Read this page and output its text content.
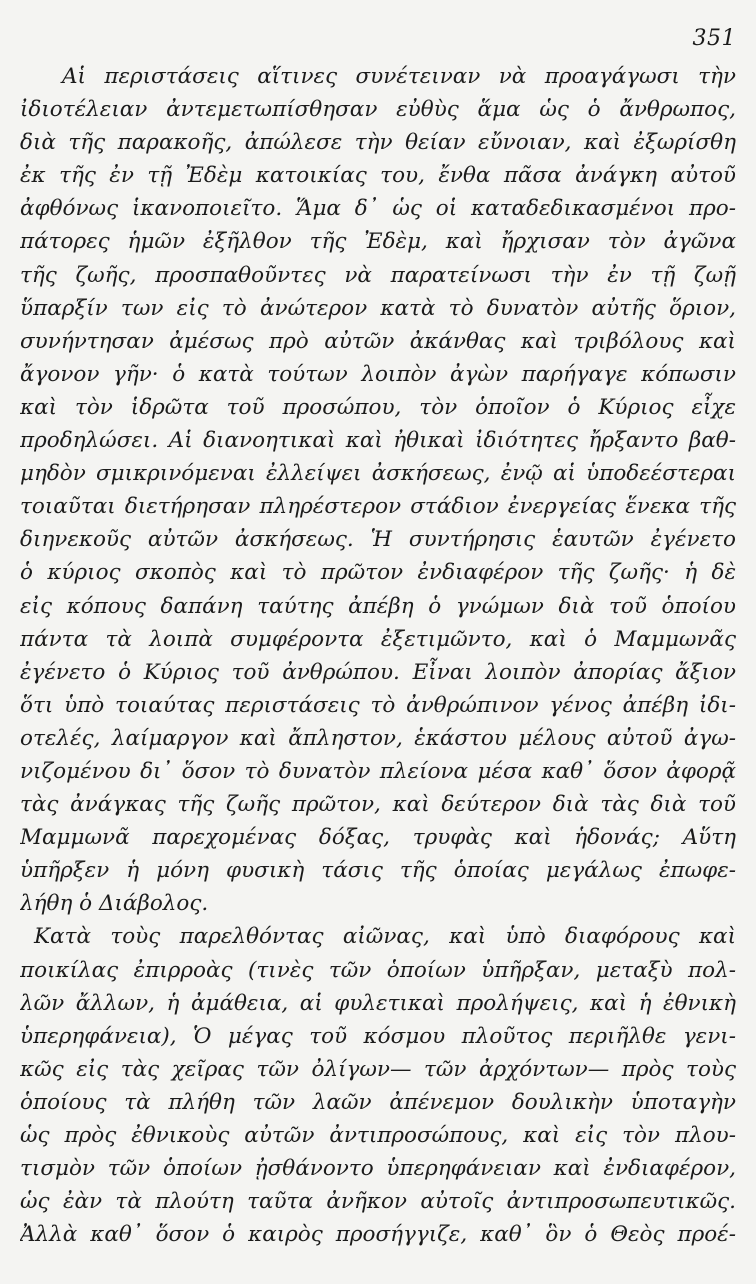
351
Αἱ περιστάσεις αἵτινες συνέτειναν νὰ προαγάγωσι τὴν
ἰδιοτέλειαν ἀντεμετωπίσθησαν εὐθὺς ἅμα ὡς ὁ ἄνθρωπος,
διὰ τῆς παρακοῆς, ἀπώλεσε τὴν θείαν εὔνοιαν, καὶ ἐξωρίσθη
ἐκ τῆς ἐν τῇ Ἐδὲμ κατοικίας του, ἔνθα πᾶσα ἀνάγκη αὐτοῦ
ἀφθόνως ἱκανοποιεῖτο. Ἅμα δ᾽ ὡς οἱ καταδεδικασμένοι προ-
πάτορες ἡμῶν ἐξῆλθον τῆς Ἐδὲμ, καὶ ἤρχισαν τὸν ἀγῶνα
τῆς ζωῆς, προσπαθοῦντες νὰ παρατείνωσι τὴν ἐν τῇ ζωῇ
ὕπαρξίν των εἰς τὸ ἀνώτερον κατὰ τὸ δυνατὸν αὐτῆς ὅριον,
συνήντησαν ἀμέσως πρὸ αὐτῶν ἀκάνθας καὶ τριβόλους καὶ
ἄγονον γῆν· ὁ κατὰ τούτων λοιπὸν ἀγὼν παρήγαγε κόπωσιν
καὶ τὸν ἱδρῶτα τοῦ προσώπου, τὸν ὁποῖον ὁ Κύριος εἶχε
προδηλώσει. Αἱ διανοητικαὶ καὶ ἠθικαὶ ἰδιότητες ἤρξαντο βαθ-
μηδὸν σμικρινόμεναι ἐλλείψει ἀσκήσεως, ἐνῷ αἱ ὑποδεέστεραι
τοιαῦται διετήρησαν πληρέστερον στάδιον ἐνεργείας ἕνεκα τῆς
διηνεκοῦς αὐτῶν ἀσκήσεως. Ἡ συντήρησις ἑαυτῶν ἐγένετο
ὁ κύριος σκοπὸς καὶ τὸ πρῶτον ἐνδιαφέρον τῆς ζωῆς· ἡ δὲ
εἰς κόπους δαπάνη ταύτης ἀπέβη ὁ γνώμων διὰ τοῦ ὁποίου
πάντα τὰ λοιπὰ συμφέροντα ἐξετιμῶντο, καὶ ὁ Μαμμωνᾶς
ἐγένετο ὁ Κύριος τοῦ ἀνθρώπου. Εἶναι λοιπὸν ἀπορίας ἄξιον
ὅτι ὑπὸ τοιαύτας περιστάσεις τὸ ἀνθρώπινον γένος ἀπέβη ἰδι-
οτελές, λαίμαργον καὶ ἄπληστον, ἑκάστου μέλους αὐτοῦ ἀγω-
νιζομένου δι᾽ ὅσον τὸ δυνατὸν πλείονα μέσα καθ᾽ ὅσον ἀφορᾷ
τὰς ἀνάγκας τῆς ζωῆς πρῶτον, καὶ δεύτερον διὰ τὰς διὰ τοῦ
Μαμμωνᾶ παρεχομένας δόξας, τρυφὰς καὶ ἡδονάς; Αὕτη
ὑπῆρξεν ἡ μόνη φυσικὴ τάσις τῆς ὁποίας μεγάλως ἐπωφε-
λήθη ὁ Διάβολος.
Κατὰ τοὺς παρελθόντας αἰῶνας, καὶ ὑπὸ διαφόρους καὶ
ποικίλας ἐπιρροὰς (τινὲς τῶν ὁποίων ὑπῆρξαν, μεταξὺ πολ-
λῶν ἄλλων, ἡ ἀμάθεια, αἱ φυλετικαὶ προλήψεις, καὶ ἡ ἐθνικὴ
ὑπερηφάνεια), Ὁ μέγας τοῦ κόσμου πλοῦτος περιῆλθε γενι-
κῶς εἰς τὰς χεῖρας τῶν ὀλίγων— τῶν ἀρχόντων— πρὸς τοὺς
ὁποίους τὰ πλήθη τῶν λαῶν ἀπένεμον δουλικὴν ὑποταγὴν
ὡς πρὸς ἐθνικοὺς αὐτῶν ἀντιπροσώπους, καὶ εἰς τὸν πλου-
τισμὸν τῶν ὁποίων ᾐσθάνοντο ὑπερηφάνειαν καὶ ἐνδιαφέρον,
ὡς ἐὰν τὰ πλούτη ταῦτα ἀνῆκον αὐτοῖς ἀντιπροσωπευτικῶς.
Ἀλλὰ καθ᾽ ὅσον ὁ καιρὸς προσήγγιζε, καθ᾽ ὃν ὁ Θεὸς προέ-
